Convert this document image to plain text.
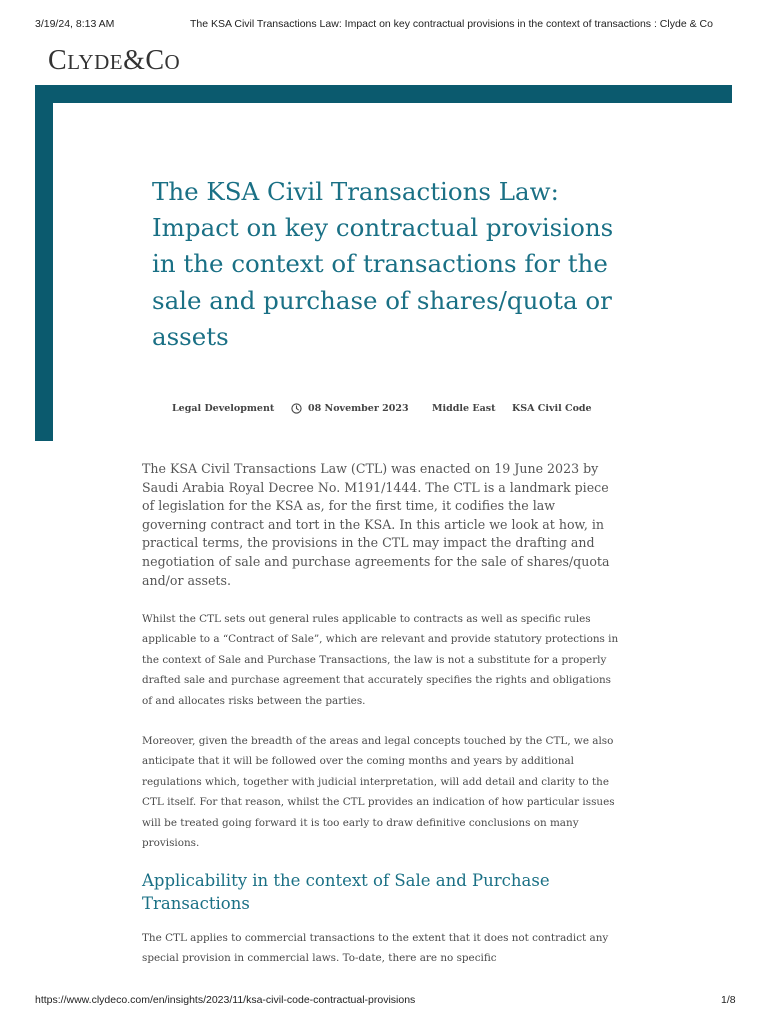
3/19/24, 8:13 AM	The KSA Civil Transactions Law: Impact on key contractual provisions in the context of transactions : Clyde & Co
CLYDE&CO
The KSA Civil Transactions Law: Impact on key contractual provisions in the context of transactions for the sale and purchase of shares/quota or assets
Legal Development	08 November 2023 Middle East KSA Civil Code

The KSA Civil Transactions Law (CTL) was enacted on 19 June 2023 by Saudi Arabia Royal Decree No. M191/1444. The CTL is a landmark piece of legislation for the KSA as, for the first time, it codifies the law governing contract and tort in the KSA. In this article we look at how, in practical terms, the provisions in the CTL may impact the drafting and negotiation of sale and purchase agreements for the sale of shares/quota and/or assets.

Whilst the CTL sets out general rules applicable to contracts as well as specific rules applicable to a “Contract of Sale”, which are relevant and provide statutory protections in the context of Sale and Purchase Transactions, the law is not a substitute for a properly drafted sale and purchase agreement that accurately specifies the rights and obligations of and allocates risks between the parties.

Moreover, given the breadth of the areas and legal concepts touched by the CTL, we also anticipate that it will be followed over the coming months and years by additional regulations which, together with judicial interpretation, will add detail and clarity to the CTL itself. For that reason, whilst the CTL provides an indication of how particular issues will be treated going forward it is too early to draw definitive conclusions on many provisions.

Applicability in the context of Sale and Purchase Transactions

The CTL applies to commercial transactions to the extent that it does not contradict any special provision in commercial laws. To-date, there are no specific

https://www.clydeco.com/en/insights/2023/11/ksa-civil-code-contractual-provisions	1/8
